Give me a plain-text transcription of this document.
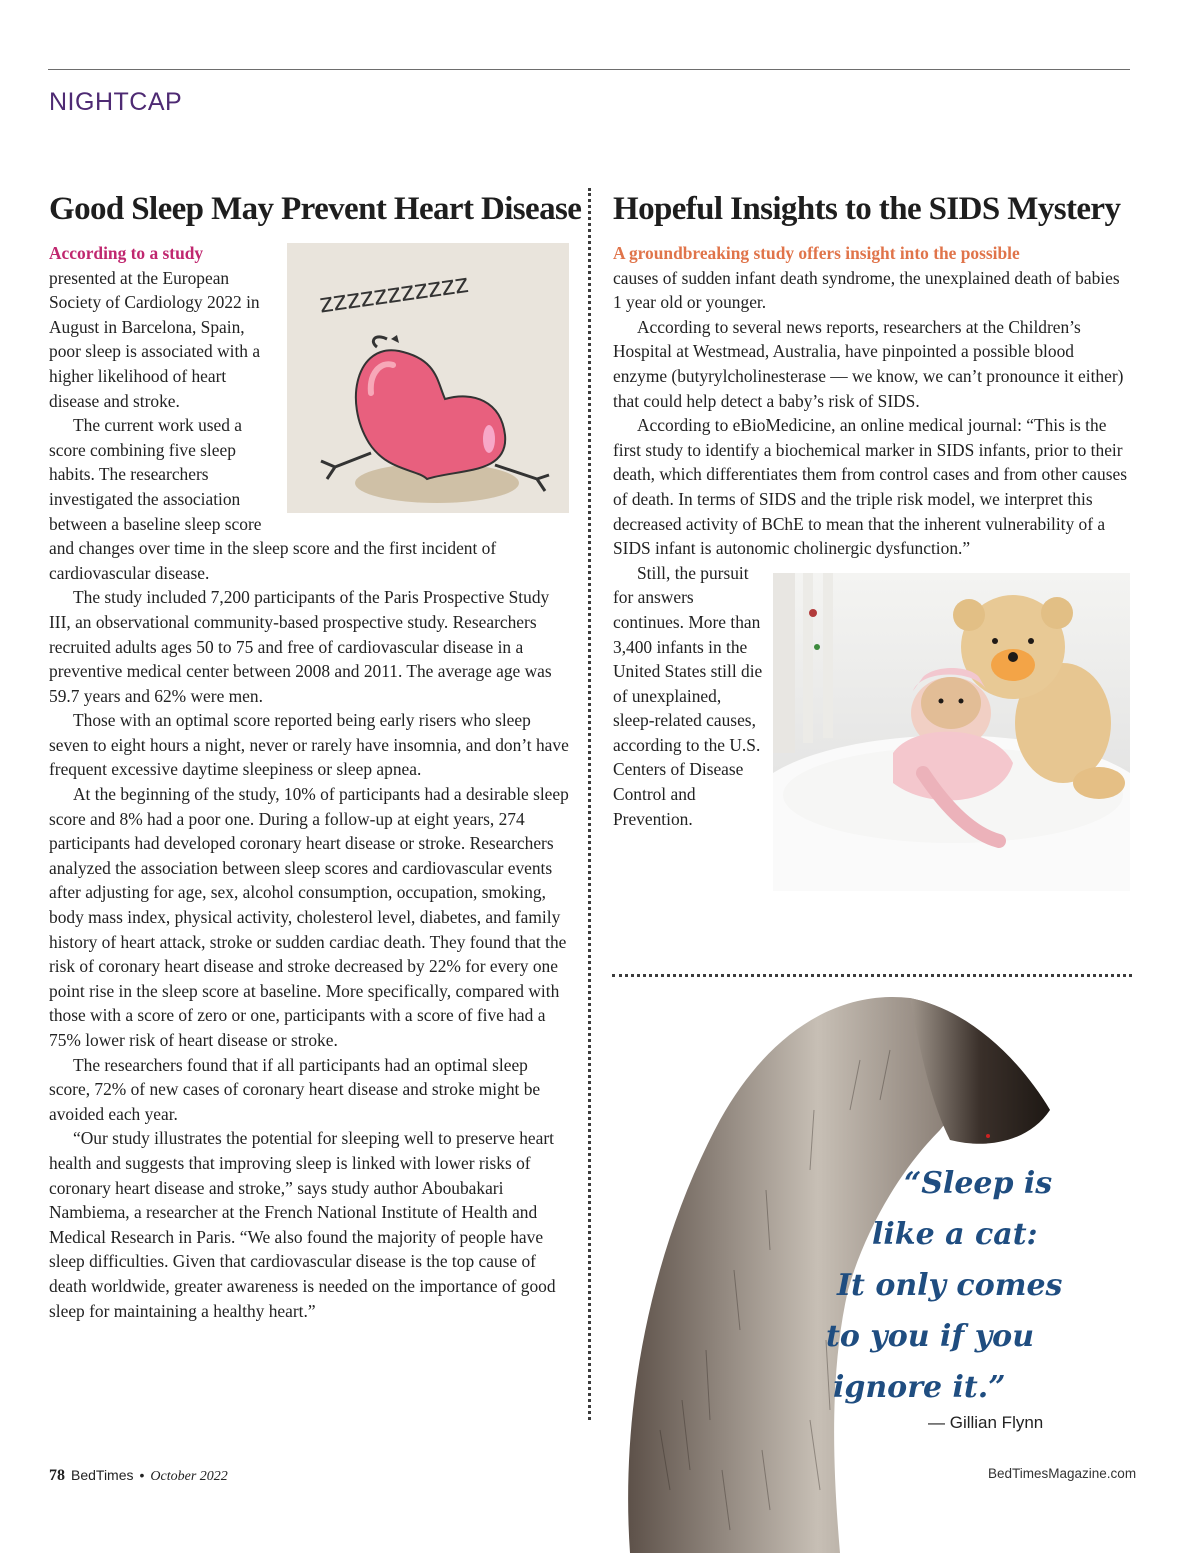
NIGHTCAP
Good Sleep May Prevent Heart Disease
zzzzzzzzzzz

According to a study
presented at the European Society of Cardiology 2022 in August in Barcelona, Spain, poor sleep is associated with a higher likelihood of heart disease and stroke.

The current work used a score combining five sleep habits. The researchers investigated the association between a baseline sleep score and changes over time in the sleep score and the first incident of cardiovascular disease.

The study included 7,200 participants of the Paris Prospective Study III, an observational community-based prospective study. Researchers recruited adults ages 50 to 75 and free of cardiovascular disease in a preventive medical center between 2008 and 2011. The average age was 59.7 years and 62% were men.

Those with an optimal score reported being early risers who sleep seven to eight hours a night, never or rarely have insomnia, and don’t have frequent excessive daytime sleepiness or sleep apnea.

At the beginning of the study, 10% of participants had a desirable sleep score and 8% had a poor one. During a follow-up at eight years, 274 participants had developed coronary heart disease or stroke. Researchers analyzed the association between sleep scores and cardiovascular events after adjusting for age, sex, alcohol consumption, occupation, smoking, body mass index, physical activity, cholesterol level, diabetes, and family history of heart attack, stroke or sudden cardiac death. They found that the risk of coronary heart disease and stroke decreased by 22% for every one point rise in the sleep score at baseline. More specifically, compared with those with a score of zero or one, participants with a score of five had a 75% lower risk of heart disease or stroke.

The researchers found that if all participants had an optimal sleep score, 72% of new cases of coronary heart disease and stroke might be avoided each year.

“Our study illustrates the potential for sleeping well to preserve heart health and suggests that improving sleep is linked with lower risks of coronary heart disease and stroke,” says study author Aboubakari Nambiema, a researcher at the French National Institute of Health and Medical Research in Paris. “We also found the majority of people have sleep difficulties. Given that cardiovascular disease is the top cause of death worldwide, greater awareness is needed on the importance of good sleep for maintaining a healthy heart.”

Hopeful Insights to the SIDS Mystery

A groundbreaking study offers insight into the possible
causes of sudden infant death syndrome, the unexplained death of babies 1 year old or younger.

According to several news reports, researchers at the Children’s Hospital at Westmead, Australia, have pinpointed a possible blood enzyme (butyrylcholinesterase — we know, we can’t pronounce it either) that could help detect a baby’s risk of SIDS.

According to eBioMedicine, an online medical journal: “This is the first study to identify a biochemical marker in SIDS infants, prior to their death, which differentiates them from control cases and from other causes of death. In terms of SIDS and the triple risk model, we interpret this decreased activity of BChE to mean that the inherent vulnerability of a SIDS infant is autonomic cholinergic dysfunction.”

Still, the pursuit for answers continues. More than 3,400 infants in the United States still die of unexplained, sleep-related causes, according to the U.S. Centers of Disease Control and Prevention.

“Sleep is
like a cat:
It only comes
to you if you
ignore it.”
— Gillian Flynn
78 BedTimes • October 2022	BedTimesMagazine.com
